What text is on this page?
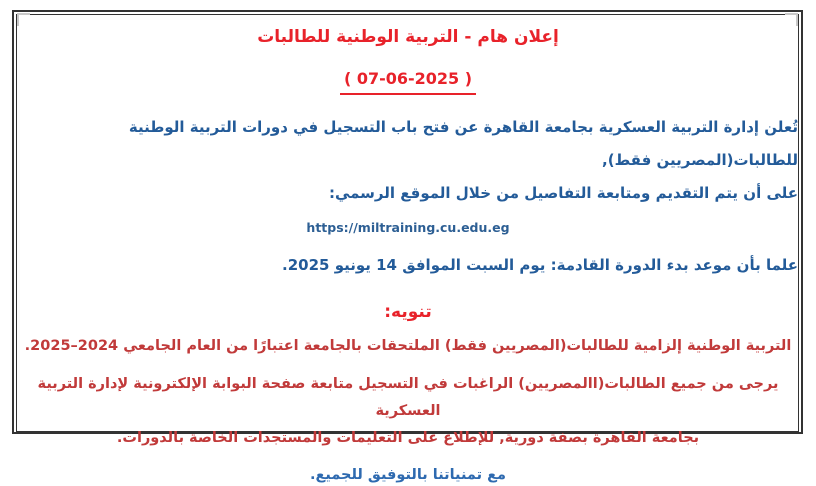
إعلان هام - التربية الوطنية للطالبات
( 07-06-2025 )
تُعلن إدارة التربية العسكرية بجامعة القاهرة عن فتح باب التسجيل في دورات التربية الوطنية للطالبات(المصريين فقط),
على أن يتم التقديم ومتابعة التفاصيل من خلال الموقع الرسمي:
https://miltraining.cu.edu.eg
علما بأن موعد بدء الدورة القادمة: يوم السبت الموافق 14 يونيو 2025.
تنويه:
التربية الوطنية إلزامية للطالبات(المصريين فقط) الملتحقات بالجامعة اعتبارًا من العام الجامعي 2024–2025.
يرجى من جميع الطالبات(االمصريين) الراغبات في التسجيل متابعة صفحة البوابة الإلكترونية لإدارة التربية العسكرية
بجامعة القاهرة بصفة دورية, للإطلاع على التعليمات والمستجدات الخاصة بالدورات.
مع تمنياتنا بالتوفيق للجميع.
